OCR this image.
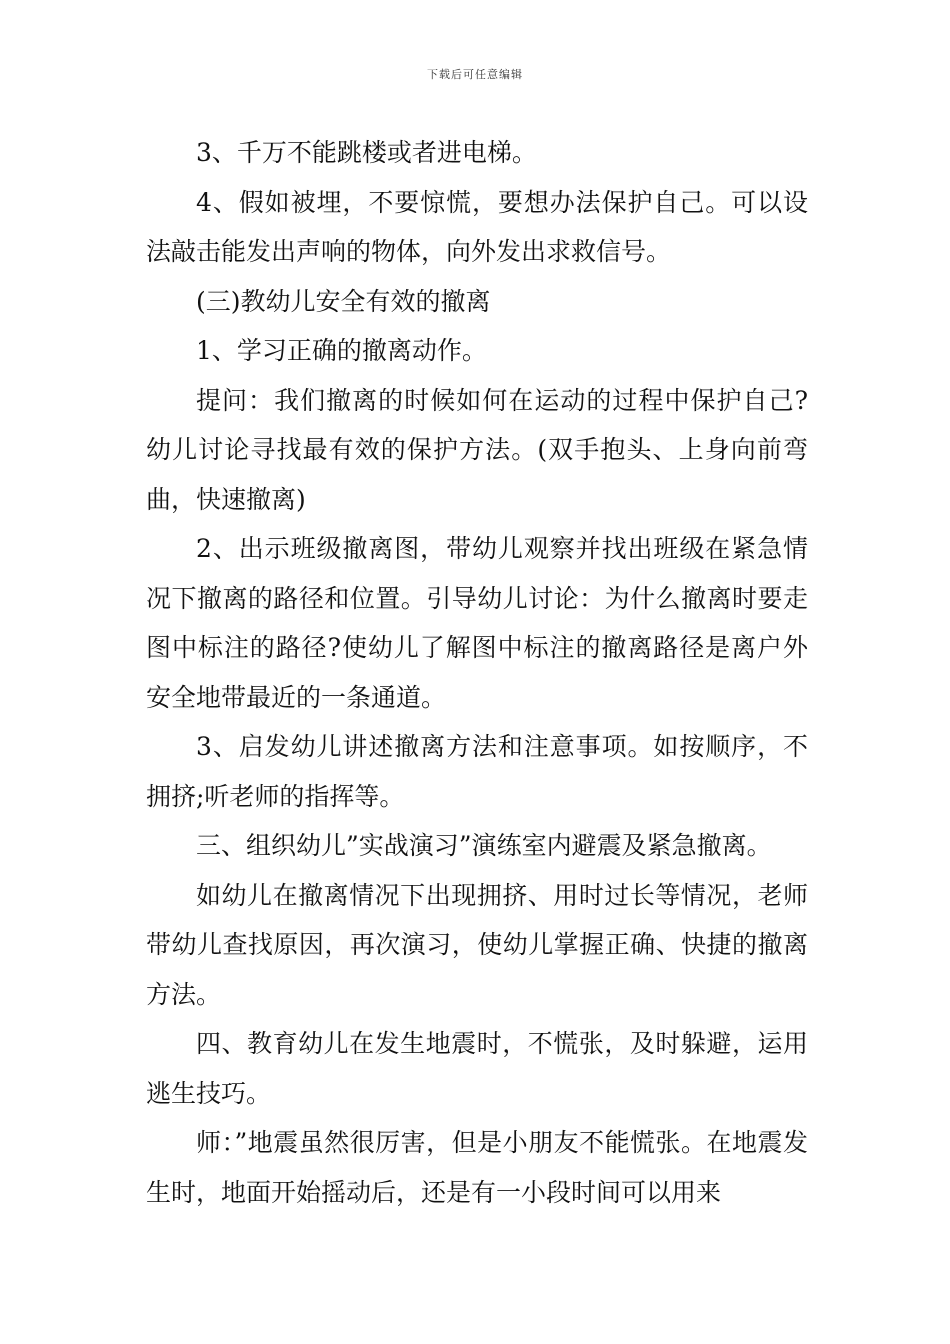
下载后可任意编辑

3、千万不能跳楼或者进电梯。

4、假如被埋，不要惊慌，要想办法保护自己。可以设法敲击能发出声响的物体，向外发出求救信号。

(三)教幼儿安全有效的撤离

1、学习正确的撤离动作。

提问：我们撤离的时候如何在运动的过程中保护自己?幼儿讨论寻找最有效的保护方法。(双手抱头、上身向前弯曲，快速撤离)

2、出示班级撤离图，带幼儿观察并找出班级在紧急情况下撤离的路径和位置。引导幼儿讨论：为什么撤离时要走图中标注的路径?使幼儿了解图中标注的撤离路径是离户外安全地带最近的一条通道。

3、启发幼儿讲述撤离方法和注意事项。如按顺序，不拥挤;听老师的指挥等。

三、组织幼儿”实战演习”演练室内避震及紧急撤离。

如幼儿在撤离情况下出现拥挤、用时过长等情况，老师带幼儿查找原因，再次演习，使幼儿掌握正确、快捷的撤离方法。

四、教育幼儿在发生地震时，不慌张，及时躲避，运用逃生技巧。

师：”地震虽然很厉害，但是小朋友不能慌张。在地震发生时，地面开始摇动后，还是有一小段时间可以用来
